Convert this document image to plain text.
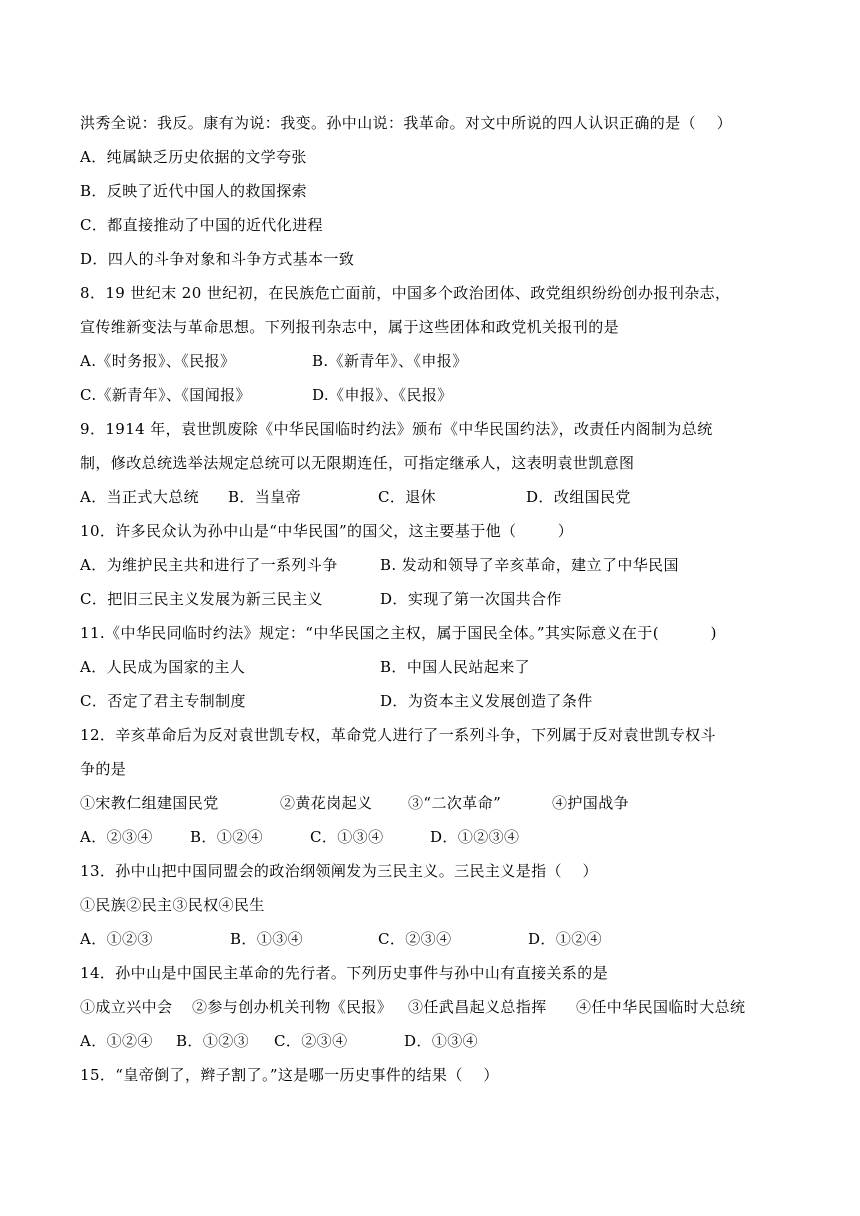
洪秀全说：我反。康有为说：我变。孙中山说：我革命。对文中所说的四人认识正确的是（    ）
A．纯属缺乏历史依据的文学夸张
B．反映了近代中国人的救国探索
C．都直接推动了中国的近代化进程
D．四人的斗争对象和斗争方式基本一致
8．19 世纪末 20 世纪初，在民族危亡面前，中国多个政治团体、政党组织纷纷创办报刊杂志，
宣传维新变法与革命思想。下列报刊杂志中，属于这些团体和政党机关报刊的是
A.《时务报》、《民报》	B.《新青年》、《申报》
C.《新青年》、《国闻报》	D.《申报》、《民报》
9．1914 年，袁世凯废除《中华民国临时约法》颁布《中华民国约法》，改责任内阁制为总统
制，修改总统选举法规定总统可以无限期连任，可指定继承人，这表明袁世凯意图
A．当正式大总统	B．当皇帝	C．退休	D．改组国民党
10．许多民众认为孙中山是“中华民国”的国父，这主要基于他（        ）
A．为维护民主共和进行了一系列斗争	B. 发动和领导了辛亥革命，建立了中华民国
C．把旧三民主义发展为新三民主义	D．实现了第一次国共合作
11.《中华民同临时约法》规定：“中华民国之主权，属于国民全体。”其实际意义在于(          )
A．人民成为国家的主人	B．中国人民站起来了
C．否定了君主专制制度	D．为资本主义发展创造了条件
12．辛亥革命后为反对袁世凯专权，革命党人进行了一系列斗争，下列属于反对袁世凯专权斗
争的是
①宋教仁组建国民党	②黄花岗起义	③“二次革命”	④护国战争
A．②③④	B．①②④	C．①③④	D．①②③④
13．孙中山把中国同盟会的政治纲领阐发为三民主义。三民主义是指（    ）
①民族②民主③民权④民生
A．①②③	B．①③④	C．②③④	D．①②④
14．孙中山是中国民主革命的先行者。下列历史事件与孙中山有直接关系的是
①成立兴中会	②参与创办机关刊物《民报》	③任武昌起义总指挥	④任中华民国临时大总统
A．①②④	B．①②③	C．②③④	D．①③④
15．“皇帝倒了，辫子割了。”这是哪一历史事件的结果（    ）
